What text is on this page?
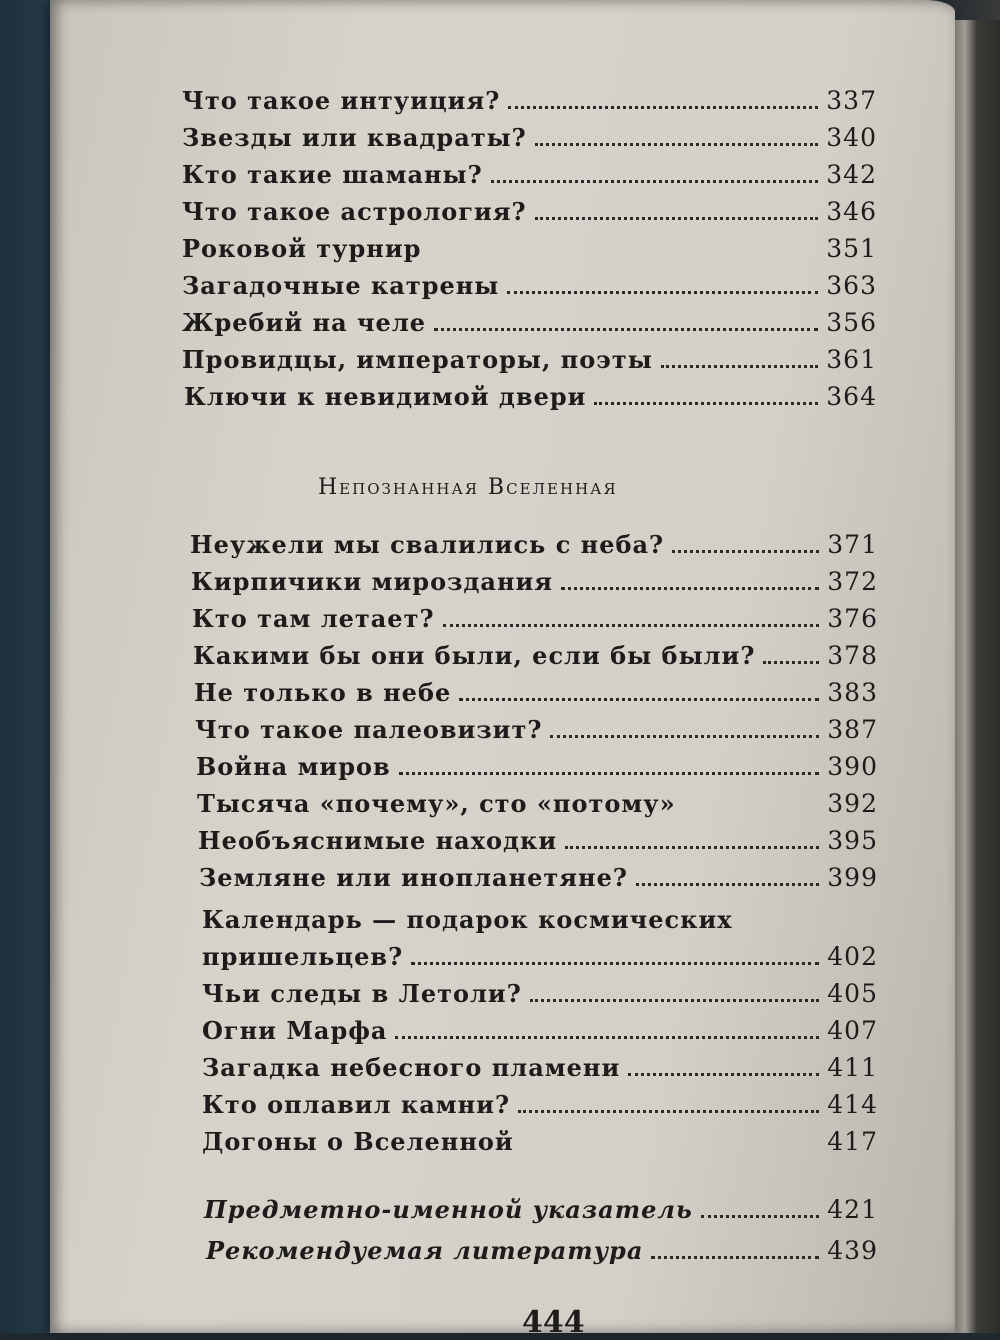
Что такое интуиция?	337
Звезды или квадраты?	340
Кто такие шаманы?	342
Что такое астрология?	346
Роковой турнир	351
Загадочные катрены	363
Жребий на челе	356
Провидцы, императоры, поэты	361
Ключи к невидимой двери	364
Непознанная Вселенная
Неужели мы свалились с неба?	371
Кирпичики мироздания	372
Кто там летает?	376
Какими бы они были, если бы были?	378
Не только в небе	383
Что такое палеовизит?	387
Война миров	390
Тысяча «почему», сто «потому»	392
Необъяснимые находки	395
Земляне или инопланетяне?	399
Календарь — подарок космических
пришельцев?	402
Чьи следы в Летоли?	405
Огни Марфа	407
Загадка небесного пламени	411
Кто оплавил камни?	414
Догоны о Вселенной	417
Предметно-именной указатель	421
Рекомендуемая литература	439
444
